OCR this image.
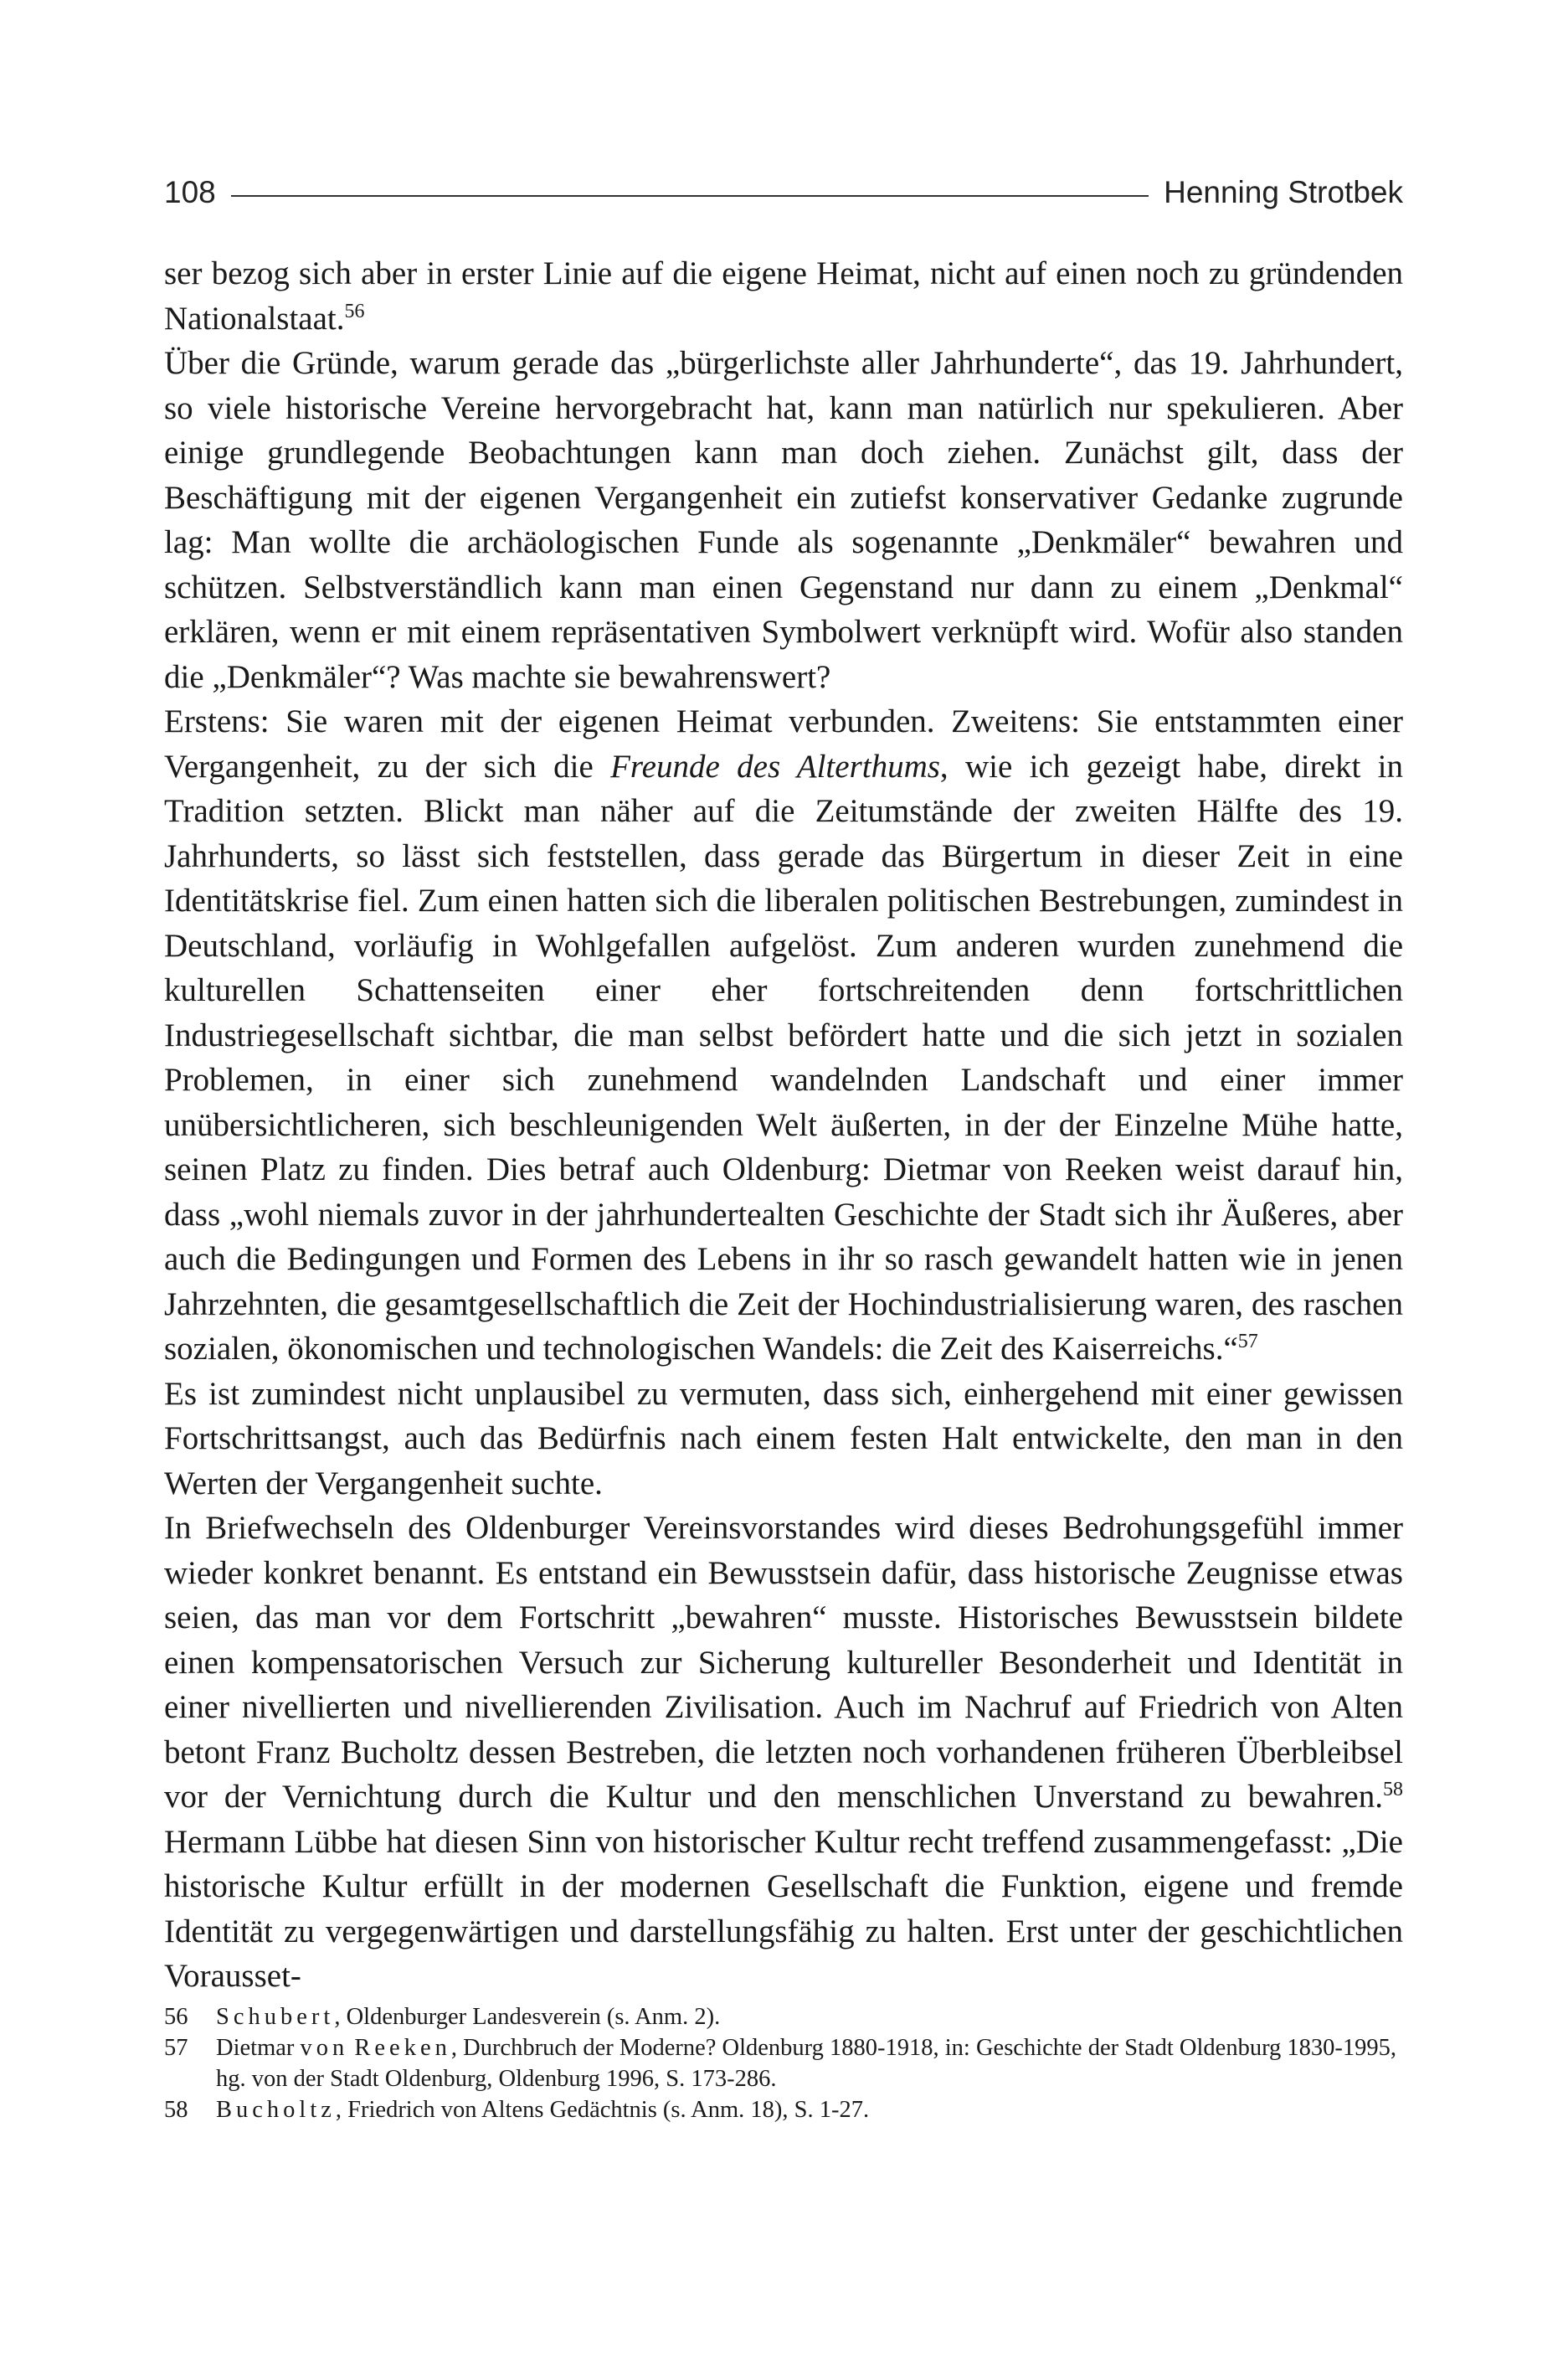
108	Henning Strotbek

ser bezog sich aber in erster Linie auf die eigene Heimat, nicht auf einen noch zu gründenden Nationalstaat.$^{56}$

Über die Gründe, warum gerade das „bürgerlichste aller Jahrhunderte“, das 19. Jahrhundert, so viele historische Vereine hervorgebracht hat, kann man natürlich nur spekulieren. Aber einige grundlegende Beobachtungen kann man doch ziehen. Zunächst gilt, dass der Beschäftigung mit der eigenen Vergangenheit ein zutiefst konservativer Gedanke zugrunde lag: Man wollte die archäologischen Funde als sogenannte „Denkmäler“ bewahren und schützen. Selbstverständlich kann man einen Gegenstand nur dann zu einem „Denkmal“ erklären, wenn er mit einem repräsentativen Symbolwert verknüpft wird. Wofür also standen die „Denkmäler“? Was machte sie bewahrenswert?

Erstens: Sie waren mit der eigenen Heimat verbunden. Zweitens: Sie entstammten einer Vergangenheit, zu der sich die Freunde des Alterthums, wie ich gezeigt habe, direkt in Tradition setzten. Blickt man näher auf die Zeitumstände der zweiten Hälfte des 19. Jahrhunderts, so lässt sich feststellen, dass gerade das Bürgertum in dieser Zeit in eine Identitätskrise fiel. Zum einen hatten sich die liberalen politischen Bestrebungen, zumindest in Deutschland, vorläufig in Wohlgefallen aufgelöst. Zum anderen wurden zunehmend die kulturellen Schattenseiten einer eher fortschreitenden denn fortschrittlichen Industriegesellschaft sichtbar, die man selbst befördert hatte und die sich jetzt in sozialen Problemen, in einer sich zunehmend wandelnden Landschaft und einer immer unübersichtlicheren, sich beschleunigenden Welt äußerten, in der der Einzelne Mühe hatte, seinen Platz zu finden. Dies betraf auch Oldenburg: Dietmar von Reeken weist darauf hin, dass „wohl niemals zuvor in der jahrhundertealten Geschichte der Stadt sich ihr Äußeres, aber auch die Bedingungen und Formen des Lebens in ihr so rasch gewandelt hatten wie in jenen Jahrzehnten, die gesamtgesellschaftlich die Zeit der Hochindustrialisierung waren, des raschen sozialen, ökonomischen und technologischen Wandels: die Zeit des Kaiserreichs.“$^{57}$

Es ist zumindest nicht unplausibel zu vermuten, dass sich, einhergehend mit einer gewissen Fortschrittsangst, auch das Bedürfnis nach einem festen Halt entwickelte, den man in den Werten der Vergangenheit suchte.

In Briefwechseln des Oldenburger Vereinsvorstandes wird dieses Bedrohungsgefühl immer wieder konkret benannt. Es entstand ein Bewusstsein dafür, dass historische Zeugnisse etwas seien, das man vor dem Fortschritt „bewahren“ musste. Historisches Bewusstsein bildete einen kompensatorischen Versuch zur Sicherung kultureller Besonderheit und Identität in einer nivellierten und nivellierenden Zivilisation. Auch im Nachruf auf Friedrich von Alten betont Franz Bucholtz dessen Bestreben, die letzten noch vorhandenen früheren Überbleibsel vor der Vernichtung durch die Kultur und den menschlichen Unverstand zu bewahren.$^{58}$ Hermann Lübbe hat diesen Sinn von historischer Kultur recht treffend zusammengefasst: „Die historische Kultur erfüllt in der modernen Gesellschaft die Funktion, eigene und fremde Identität zu vergegenwärtigen und darstellungsfähig zu halten. Erst unter der geschichtlichen Vorausset-

56	Schubert, Oldenburger Landesverein (s. Anm. 2).
57	Dietmar von Reeken, Durchbruch der Moderne? Oldenburg 1880-1918, in: Geschichte der Stadt Oldenburg 1830-1995, hg. von der Stadt Oldenburg, Oldenburg 1996, S. 173-286.
58	Bucholtz, Friedrich von Altens Gedächtnis (s. Anm. 18), S. 1-27.
